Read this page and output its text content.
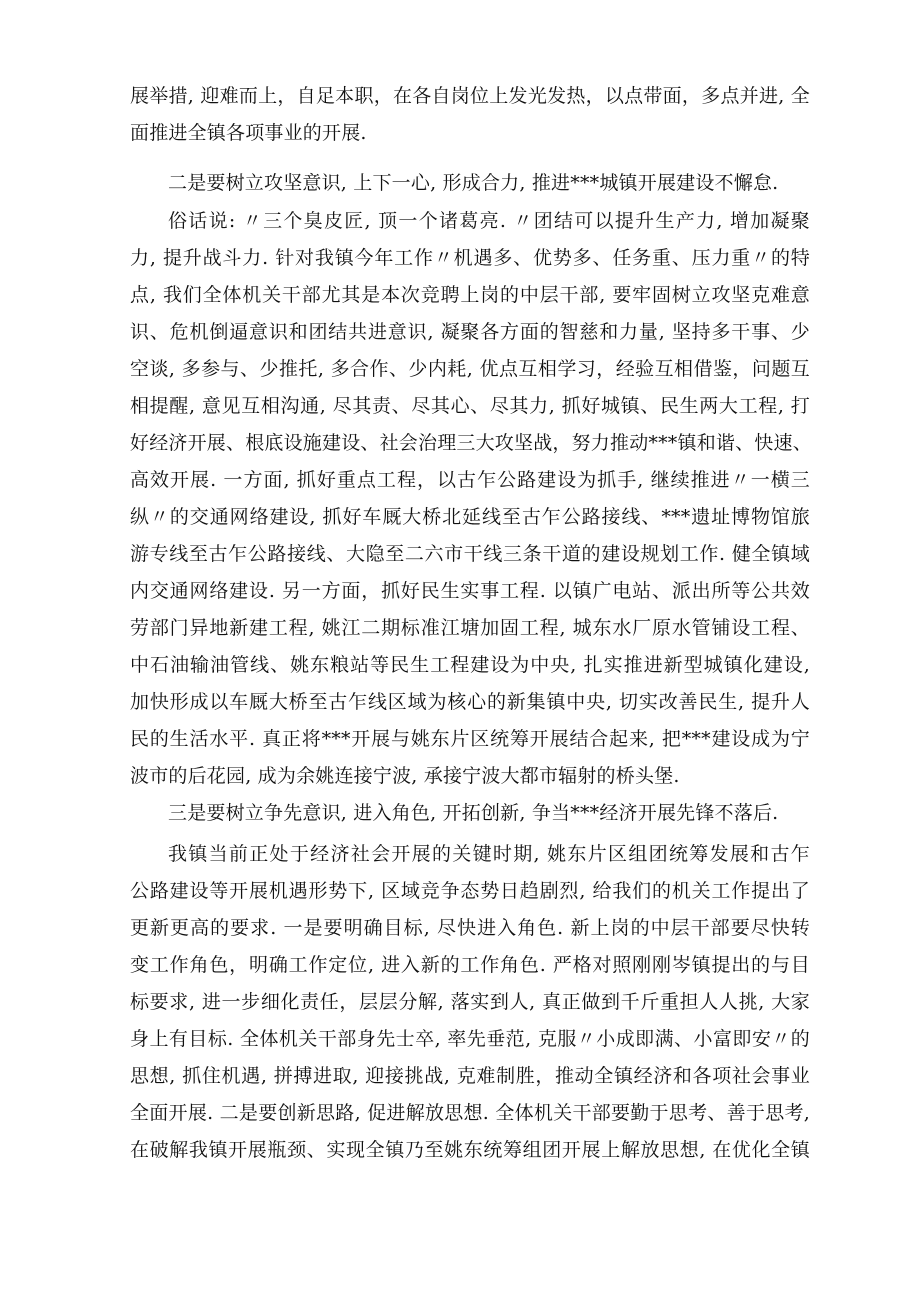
展举措, 迎难而上，自足本职，在各自岗位上发光发热，以点带面，多点并进, 全
面推进全镇各项事业的开展.
二是要树立攻坚意识, 上下一心, 形成合力, 推进***城镇开展建设不懈怠.
俗话说: 〃三个臭皮匠, 顶一个诸葛亮. 〃团结可以提升生产力, 增加凝聚
力, 提升战斗力. 针对我镇今年工作〃机遇多、优势多、任务重、压力重〃的特
点, 我们全体机关干部尤其是本次竞聘上岗的中层干部, 要牢固树立攻坚克难意
识、危机倒逼意识和团结共进意识, 凝聚各方面的智慈和力量, 坚持多干事、少
空谈, 多参与、少推托, 多合作、少内耗, 优点互相学习，经验互相借鉴，问题互
相提醒, 意见互相沟通, 尽其责、尽其心、尽其力, 抓好城镇、民生两大工程, 打
好经济开展、根底设施建设、社会治理三大攻坚战，努力推动***镇和谐、快速、
高效开展. 一方面, 抓好重点工程，以古乍公路建设为抓手, 继续推进〃一横三
纵〃的交通网络建设, 抓好车厩大桥北延线至古乍公路接线、***遗址博物馆旅
游专线至古乍公路接线、大隐至二六市干线三条干道的建设规划工作. 健全镇域
内交通网络建设. 另一方面，抓好民生实事工程. 以镇广电站、派出所等公共效
劳部门异地新建工程, 姚江二期标准江塘加固工程, 城东水厂原水管铺设工程、
中石油输油管线、姚东粮站等民生工程建设为中央, 扎实推进新型城镇化建设,
加快形成以车厩大桥至古乍线区域为核心的新集镇中央, 切实改善民生, 提升人
民的生活水平. 真正将***开展与姚东片区统筹开展结合起来, 把***建设成为宁
波市的后花园, 成为余姚连接宁波, 承接宁波大都市辐射的桥头堡.
三是要树立争先意识, 进入角色, 开拓创新, 争当***经济开展先锋不落后.
我镇当前正处于经济社会开展的关键时期, 姚东片区组团统筹发展和古乍
公路建设等开展机遇形势下, 区域竞争态势日趋剧烈, 给我们的机关工作提出了
更新更高的要求. 一是要明确目标, 尽快进入角色. 新上岗的中层干部要尽快转
变工作角色，明确工作定位, 进入新的工作角色. 严格对照刚刚岑镇提出的与目
标要求, 进一步细化责任，层层分解, 落实到人, 真正做到千斤重担人人挑, 大家
身上有目标. 全体机关干部身先士卒, 率先垂范, 克服〃小成即满、小富即安〃的
思想, 抓住机遇, 拼搏进取, 迎接挑战, 克难制胜，推动全镇经济和各项社会事业
全面开展. 二是要创新思路, 促进解放思想. 全体机关干部要勤于思考、善于思考,
在破解我镇开展瓶颈、实现全镇乃至姚东统筹组团开展上解放思想, 在优化全镇
